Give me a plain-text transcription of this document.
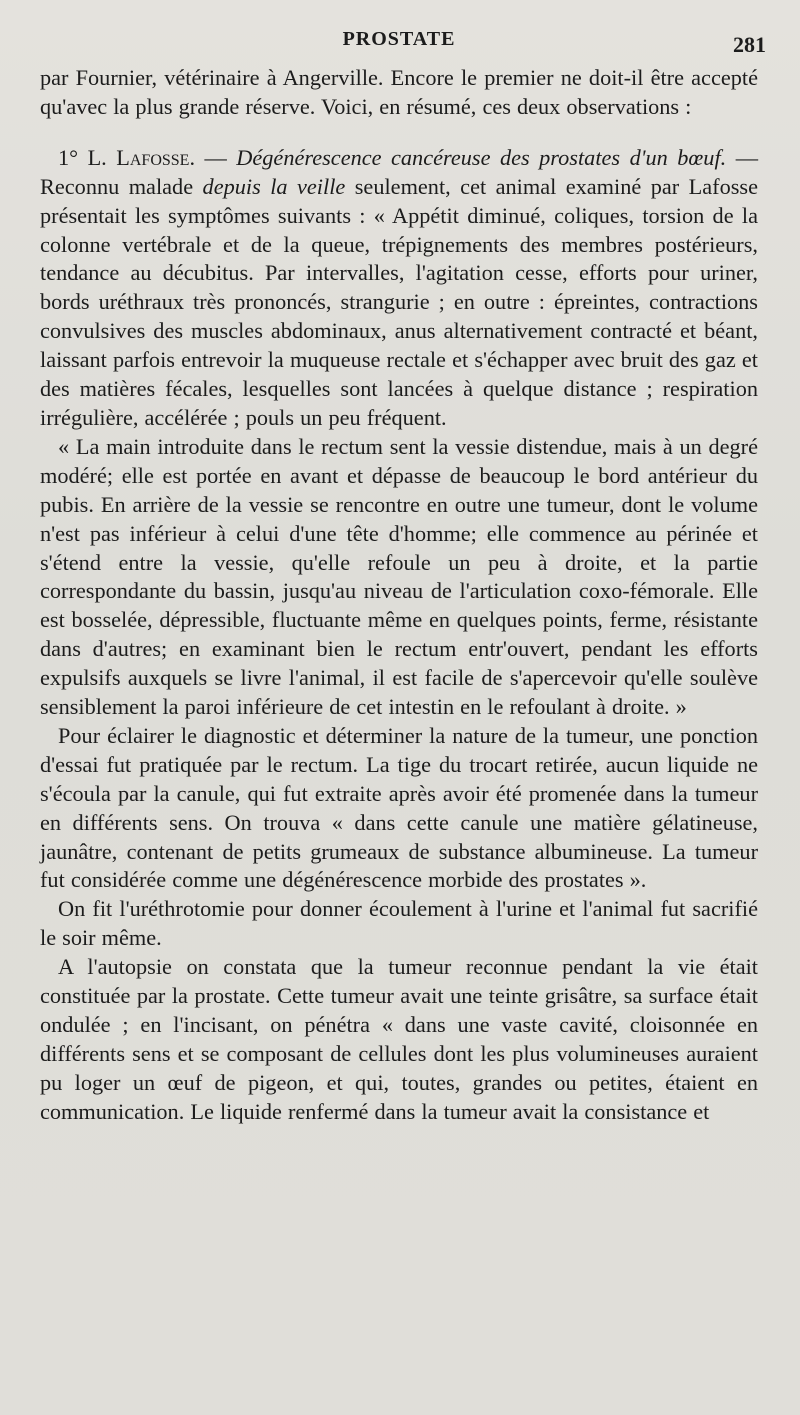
PROSTATE	281

par Fournier, vétérinaire à Angerville. Encore le premier ne doit-il être accepté qu'avec la plus grande réserve. Voici, en résumé, ces deux observations :

1° L. Lafosse. — Dégénérescence cancéreuse des prostates d'un bœuf. — Reconnu malade depuis la veille seulement, cet animal examiné par Lafosse présentait les symptômes suivants : « Appétit diminué, coliques, torsion de la colonne vertébrale et de la queue, trépignements des membres postérieurs, tendance au décubitus. Par intervalles, l'agitation cesse, efforts pour uriner, bords uréthraux très prononcés, strangurie ; en outre : épreintes, contractions convulsives des muscles abdominaux, anus alternativement contracté et béant, laissant parfois entrevoir la muqueuse rectale et s'échapper avec bruit des gaz et des matières fécales, lesquelles sont lancées à quelque distance ; respiration irrégulière, accélérée ; pouls un peu fréquent.

« La main introduite dans le rectum sent la vessie distendue, mais à un degré modéré; elle est portée en avant et dépasse de beaucoup le bord antérieur du pubis. En arrière de la vessie se rencontre en outre une tumeur, dont le volume n'est pas inférieur à celui d'une tête d'homme; elle commence au périnée et s'étend entre la vessie, qu'elle refoule un peu à droite, et la partie correspondante du bassin, jusqu'au niveau de l'articulation coxo-fémorale. Elle est bosselée, dépressible, fluctuante même en quelques points, ferme, résistante dans d'autres; en examinant bien le rectum entr'ouvert, pendant les efforts expulsifs auxquels se livre l'animal, il est facile de s'apercevoir qu'elle soulève sensiblement la paroi inférieure de cet intestin en le refoulant à droite. »

Pour éclairer le diagnostic et déterminer la nature de la tumeur, une ponction d'essai fut pratiquée par le rectum. La tige du trocart retirée, aucun liquide ne s'écoula par la canule, qui fut extraite après avoir été promenée dans la tumeur en différents sens. On trouva « dans cette canule une matière gélatineuse, jaunâtre, contenant de petits grumeaux de substance albumineuse. La tumeur fut considérée comme une dégénérescence morbide des prostates ».

On fit l'uréthrotomie pour donner écoulement à l'urine et l'animal fut sacrifié le soir même.

A l'autopsie on constata que la tumeur reconnue pendant la vie était constituée par la prostate. Cette tumeur avait une teinte grisâtre, sa surface était ondulée ; en l'incisant, on pénétra « dans une vaste cavité, cloisonnée en différents sens et se composant de cellules dont les plus volumineuses auraient pu loger un œuf de pigeon, et qui, toutes, grandes ou petites, étaient en communication. Le liquide renfermé dans la tumeur avait la consistance et
